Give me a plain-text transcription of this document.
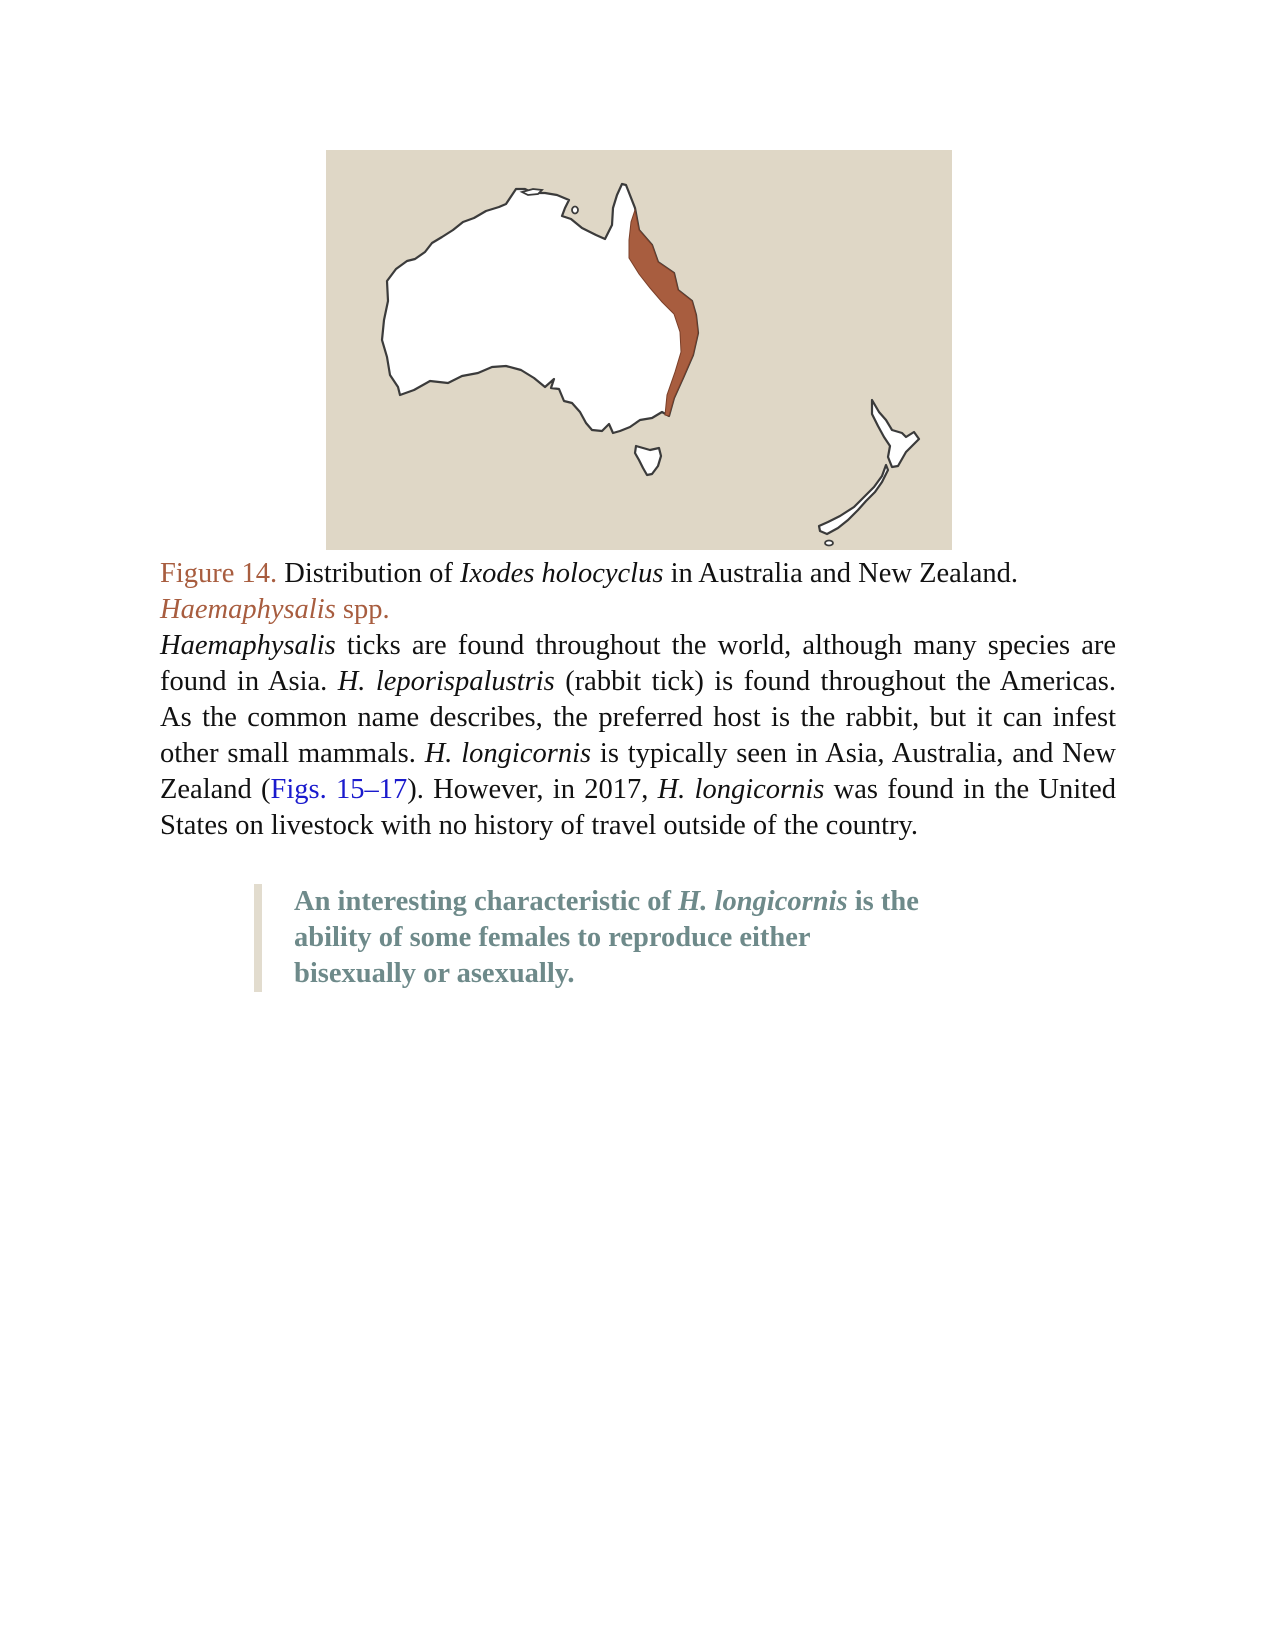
Figure 14. Distribution of Ixodes holocyclus in Australia and New Zealand.
Haemaphysalis spp.
Haemaphysalis ticks are found throughout the world, although many species are found in Asia. H. leporispalustris (rabbit tick) is found throughout the Americas. As the common name describes, the preferred host is the rabbit, but it can infest other small mammals. H. longicornis is typically seen in Asia, Australia, and New Zealand (Figs. 15–17). However, in 2017, H. longicornis was found in the United States on livestock with no history of travel outside of the country.
An interesting characteristic of H. longicornis is the ability of some females to reproduce either bisexually or asexually.
